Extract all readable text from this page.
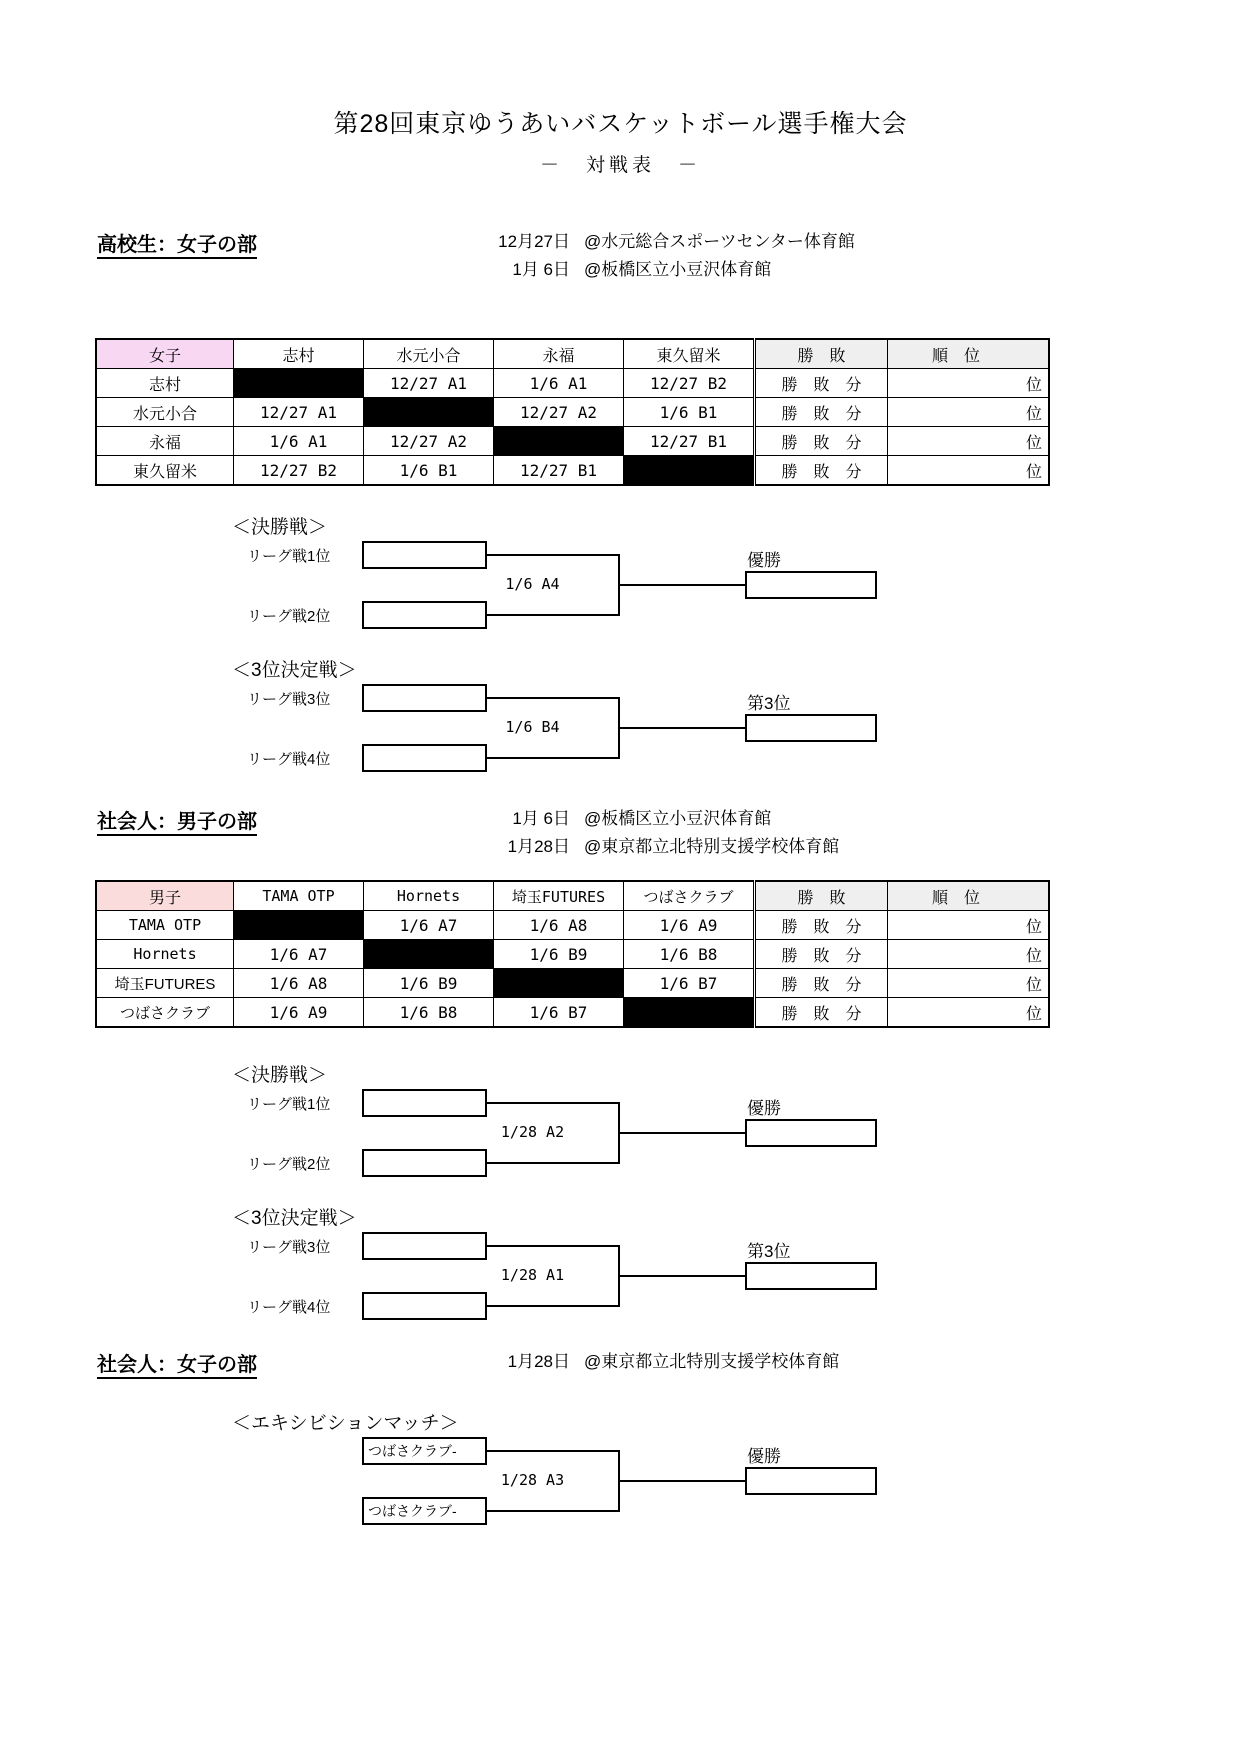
第28回東京ゆうあいバスケットボール選手権大会
－　対戦表　－
高校生：女子の部	12月27日 @水元総合スポーツセンター体育館
1月 6日 @板橋区立小豆沢体育館
女子	志村	水元小合	永福	東久留米	勝　敗	順　位
志村		12/27 A1	1/6 A1	12/27 B2	勝　敗　分	位
水元小合	12/27 A1		12/27 A2	1/6 B1	勝　敗　分	位
永福	1/6 A1	12/27 A2		12/27 B1	勝　敗　分	位
東久留米	12/27 B2	1/6 B1	12/27 B1		勝　敗　分	位
＜決勝戦＞
リーグ戦1位
リーグ戦2位
1/6 A4
優勝
＜3位決定戦＞
リーグ戦3位
リーグ戦4位
1/6 B4
第3位
社会人：男子の部	1月 6日 @板橋区立小豆沢体育館
1月28日 @東京都立北特別支援学校体育館
男子	TAMA OTP	Hornets	埼玉FUTURES	つばさクラブ	勝　敗	順　位
TAMA OTP		1/6 A7	1/6 A8	1/6 A9	勝　敗　分	位
Hornets	1/6 A7		1/6 B9	1/6 B8	勝　敗　分	位
埼玉FUTURES	1/6 A8	1/6 B9		1/6 B7	勝　敗　分	位
つばさクラブ	1/6 A9	1/6 B8	1/6 B7		勝　敗　分	位
＜決勝戦＞
リーグ戦1位
リーグ戦2位
1/28 A2
優勝
＜3位決定戦＞
リーグ戦3位
リーグ戦4位
1/28 A1
第3位
社会人：女子の部	1月28日 @東京都立北特別支援学校体育館
＜エキシビションマッチ＞
つばさクラブ-
つばさクラブ-
1/28 A3
優勝
